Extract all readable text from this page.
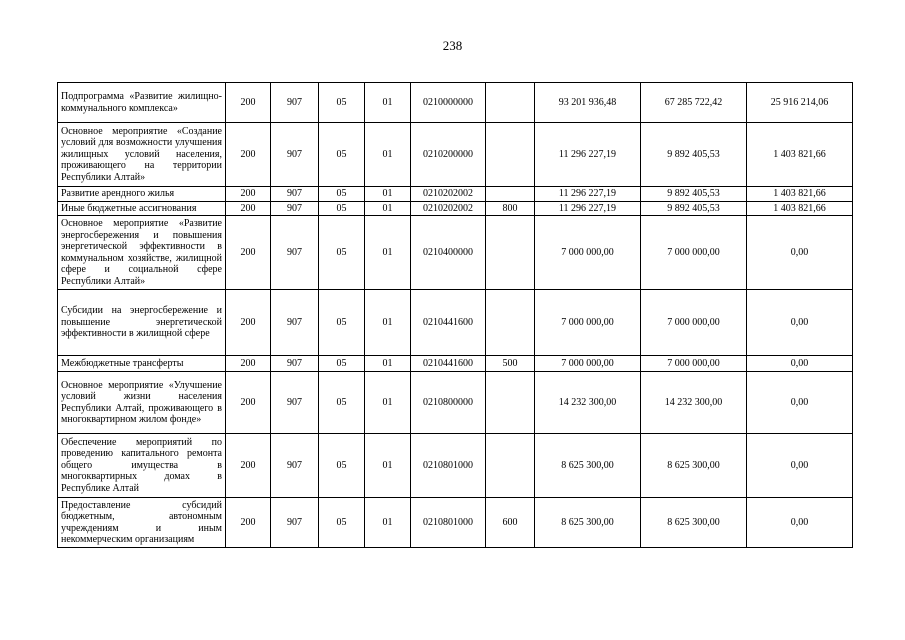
238
Подпрограмма «Развитие жилищно-коммунального комплекса»	200	907	05	01	0210000000		93 201 936,48	67 285 722,42	25 916 214,06
Основное мероприятие «Создание условий для возможности улучшения жилищных условий населения, проживающего на территории Республики Алтай»	200	907	05	01	0210200000		11 296 227,19	9 892 405,53	1 403 821,66
Развитие арендного жилья	200	907	05	01	0210202002		11 296 227,19	9 892 405,53	1 403 821,66
Иные бюджетные ассигнования	200	907	05	01	0210202002	800	11 296 227,19	9 892 405,53	1 403 821,66
Основное мероприятие «Развитие энергосбережения и повышения энергетической эффективности в коммунальном хозяйстве, жилищной сфере и социальной сфере Республики Алтай»	200	907	05	01	0210400000		7 000 000,00	7 000 000,00	0,00
Субсидии на энергосбережение и повышение энергетической эффективности в жилищной сфере	200	907	05	01	0210441600		7 000 000,00	7 000 000,00	0,00
Межбюджетные трансферты	200	907	05	01	0210441600	500	7 000 000,00	7 000 000,00	0,00
Основное мероприятие «Улучшение условий жизни населения Республики Алтай, проживающего в многоквартирном жилом фонде»	200	907	05	01	0210800000		14 232 300,00	14 232 300,00	0,00
Обеспечение мероприятий по проведению капитального ремонта общего имущества в многоквартирных домах в Республике Алтай	200	907	05	01	0210801000		8 625 300,00	8 625 300,00	0,00
Предоставление субсидий бюджетным, автономным учреждениям и иным некоммерческим организациям	200	907	05	01	0210801000	600	8 625 300,00	8 625 300,00	0,00
